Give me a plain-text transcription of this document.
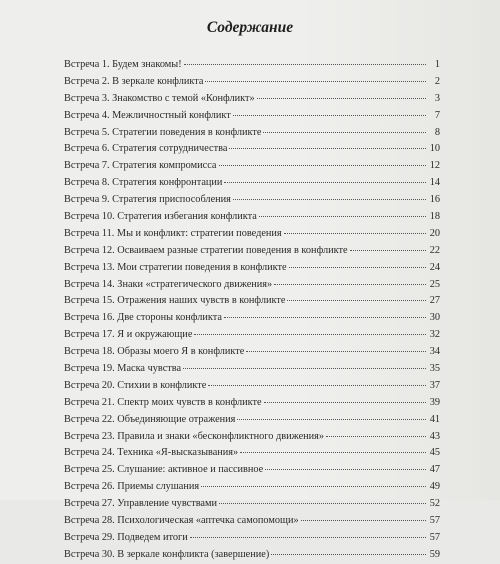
Содержание
Встреча 1. Будем знакомы!	1
Встреча 2. В зеркале конфликта	2
Встреча 3. Знакомство с темой «Конфликт»	3
Встреча 4. Межличностный конфликт	7
Встреча 5. Стратегии поведения в конфликте	8
Встреча 6. Стратегия сотрудничества	10
Встреча 7. Стратегия компромисса	12
Встреча 8. Стратегия конфронтации	14
Встреча 9. Стратегия приспособления	16
Встреча 10. Стратегия избегания конфликта	18
Встреча 11. Мы и конфликт: стратегии поведения	20
Встреча 12. Осваиваем разные стратегии поведения в конфликте	22
Встреча 13. Мои стратегии поведения в конфликте	24
Встреча 14. Знаки «стратегического движения»	25
Встреча 15. Отражения наших чувств в конфликте	27
Встреча 16. Две стороны конфликта	30
Встреча 17. Я и окружающие	32
Встреча 18. Образы моего Я в конфликте	34
Встреча 19. Маска чувства	35
Встреча 20. Стихии в конфликте	37
Встреча 21. Спектр моих чувств в конфликте	39
Встреча 22. Объединяющие отражения	41
Встреча 23. Правила и знаки «бесконфликтного движения»	43
Встреча 24. Техника «Я-высказывания»	45
Встреча 25. Слушание: активное и пассивное	47
Встреча 26. Приемы слушания	49
Встреча 27. Управление чувствами	52
Встреча 28. Психологическая «аптечка самопомощи»	57
Встреча 29. Подведем итоги	57
Встреча 30. В зеркале конфликта (завершение)	59
